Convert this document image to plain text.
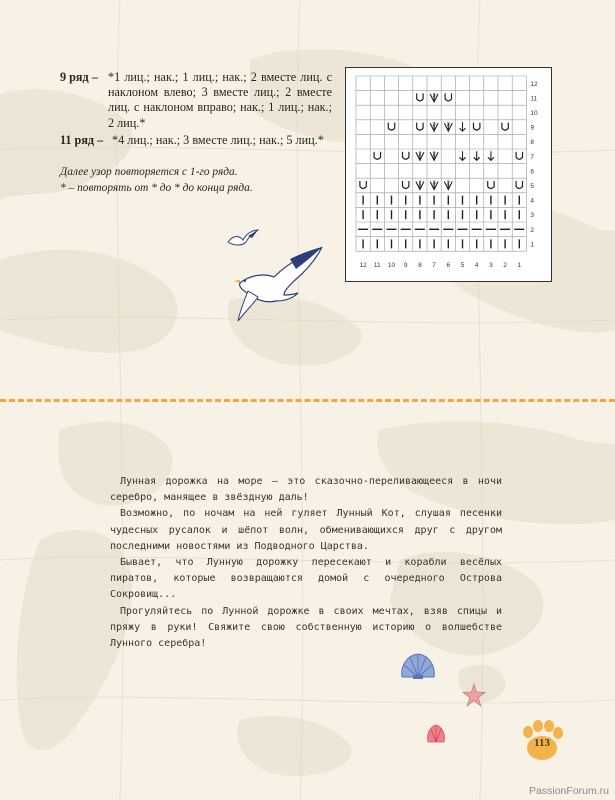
9 ряд – *1 лиц.; нак.; 1 лиц.; нак.; 2 вместе лиц. с наклоном влево; 3 вместе лиц.; 2 вместе лиц. с наклоном вправо; нак.; 1 лиц.; нак.; 2 лиц.*
11 ряд – *4 лиц.; нак.; 3 вместе лиц.; нак.; 5 лиц.*
Далее узор повторяется с 1-го ряда.
* – повторять от * до * до конца ряда.
12
11
10
9
8
7
6
5
4
3
2
1
12 11 10 9 8 7 6 5 4 3 2 1
2 3 2
2 2
2 3
3

Лунная дорожка на море – это сказочно-переливающееся в ночи серебро, манящее в звёздную даль!

Возможно, по ночам на ней гуляет Лунный Кот, слушая песенки чудесных русалок и шёпот волн, обменивающихся друг с другом последними новостями из Подводного Царства.

Бывает, что Лунную дорожку пересекают и корабли весёлых пиратов, которые возвращаются домой с очередного Острова Сокровищ...

Прогуляйтесь по Лунной дорожке в своих мечтах, взяв спицы и пряжу в руки! Свяжите свою собственную историю о волшебстве Лунного серебра!

113
PassionForum.ru
